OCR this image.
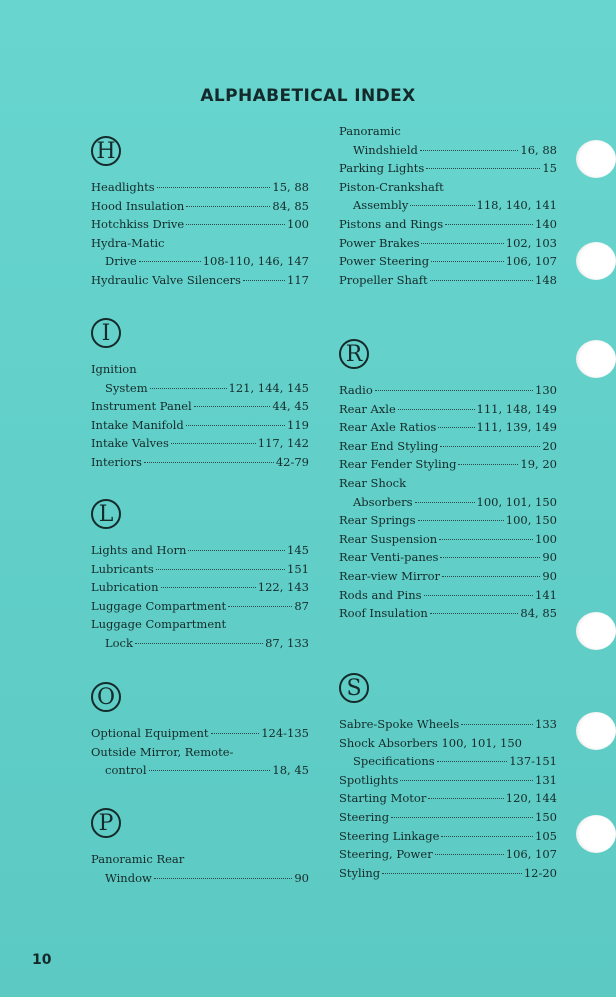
ALPHABETICAL INDEX
H
Headlights	15, 88
Hood Insulation	84, 85
Hotchkiss Drive	100
Hydra-Matic
Drive	108-110, 146, 147
Hydraulic Valve Silencers	117
I
Ignition
System	121, 144, 145
Instrument Panel	44, 45
Intake Manifold	119
Intake Valves	117, 142
Interiors	42-79
L
Lights and Horn	145
Lubricants	151
Lubrication	122, 143
Luggage Compartment	87
Luggage Compartment
Lock	87, 133
O
Optional Equipment	124-135
Outside Mirror, Remote-
control	18, 45
P
Panoramic Rear
Window	90
Panoramic
Windshield	16, 88
Parking Lights	15
Piston-Crankshaft
Assembly	118, 140, 141
Pistons and Rings	140
Power Brakes	102, 103
Power Steering	106, 107
Propeller Shaft	148
R
Radio	130
Rear Axle	111, 148, 149
Rear Axle Ratios	111, 139, 149
Rear End Styling	20
Rear Fender Styling	19, 20
Rear Shock
Absorbers	100, 101, 150
Rear Springs	100, 150
Rear Suspension	100
Rear Venti-panes	90
Rear-view Mirror	90
Rods and Pins	141
Roof Insulation	84, 85
S
Sabre-Spoke Wheels	133
Shock Absorbers 100, 101, 150
Specifications	137-151
Spotlights	131
Starting Motor	120, 144
Steering	150
Steering Linkage	105
Steering, Power	106, 107
Styling	12-20
10
